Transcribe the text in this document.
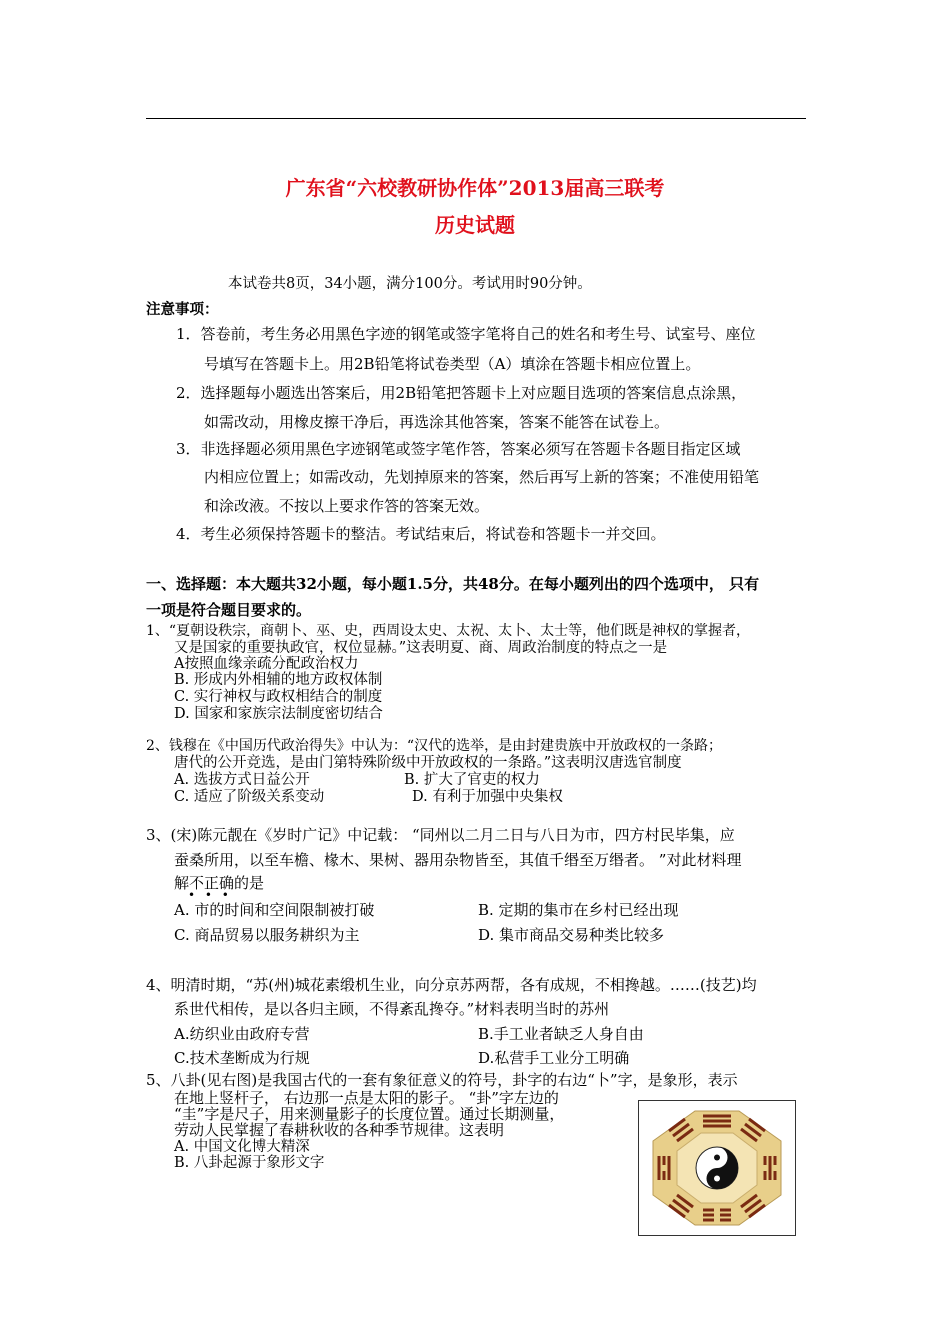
广东省“六校教研协作体”2013届高三联考
历史试题
本试卷共8页，34小题，满分100分。考试用时90分钟。
注意事项：
1．答卷前，考生务必用黑色字迹的钢笔或签字笔将自己的姓名和考生号、试室号、座位
号填写在答题卡上。用2B铅笔将试卷类型（A）填涂在答题卡相应位置上。
2．选择题每小题选出答案后，用2B铅笔把答题卡上对应题目选项的答案信息点涂黑，
如需改动，用橡皮擦干净后，再选涂其他答案，答案不能答在试卷上。
3．非选择题必须用黑色字迹钢笔或签字笔作答，答案必须写在答题卡各题目指定区域
内相应位置上；如需改动，先划掉原来的答案，然后再写上新的答案；不准使用铅笔
和涂改液。不按以上要求作答的答案无效。
4．考生必须保持答题卡的整洁。考试结束后，将试卷和答题卡一并交回。
一、选择题：本大题共32小题，每小题1.5分，共48分。在每小题列出的四个选项中， 只有
一项是符合题目要求的。
1、“夏朝设秩宗，商朝卜、巫、史，西周设太史、太祝、太卜、太士等，他们既是神权的掌握者，
又是国家的重要执政官，权位显赫。”这表明夏、商、周政治制度的特点之一是
A按照血缘亲疏分配政治权力
B. 形成内外相辅的地方政权体制
C. 实行神权与政权相结合的制度
D. 国家和家族宗法制度密切结合
2、钱穆在《中国历代政治得失》中认为：“汉代的选举，是由封建贵族中开放政权的一条路；
唐代的公开竞选，是由门第特殊阶级中开放政权的一条路。”这表明汉唐选官制度
A. 选拔方式日益公开	B. 扩大了官吏的权力
C. 适应了阶级关系变动	D. 有利于加强中央集权
3、(宋)陈元靓在《岁时广记》中记载： “同州以二月二日与八日为市，四方村民毕集，应
蚕桑所用，以至车檐、椽木、果树、器用杂物皆至，其值千缗至万缗者。 ”对此材料理
解不正确的是
• • •
A. 市的时间和空间限制被打破	B. 定期的集市在乡村已经出现
C. 商品贸易以服务耕织为主	D. 集市商品交易种类比较多
4、明清时期，“苏(州)城花素缎机生业，向分京苏两帮，各有成规，不相搀越。……(技艺)均
系世代相传，是以各归主顾，不得紊乱搀夺。”材料表明当时的苏州
A.纺织业由政府专营	B.手工业者缺乏人身自由
C.技术垄断成为行规	D.私营手工业分工明确
5、八卦(见右图)是我国古代的一套有象征意义的符号，卦字的右边“卜”字，是象形，表示
在地上竖杆子， 右边那一点是太阳的影子。 “卦”字左边的
“圭”字是尺子，用来测量影子的长度位置。通过长期测量，
劳动人民掌握了春耕秋收的各种季节规律。这表明
A. 中国文化博大精深
B. 八卦起源于象形文字
